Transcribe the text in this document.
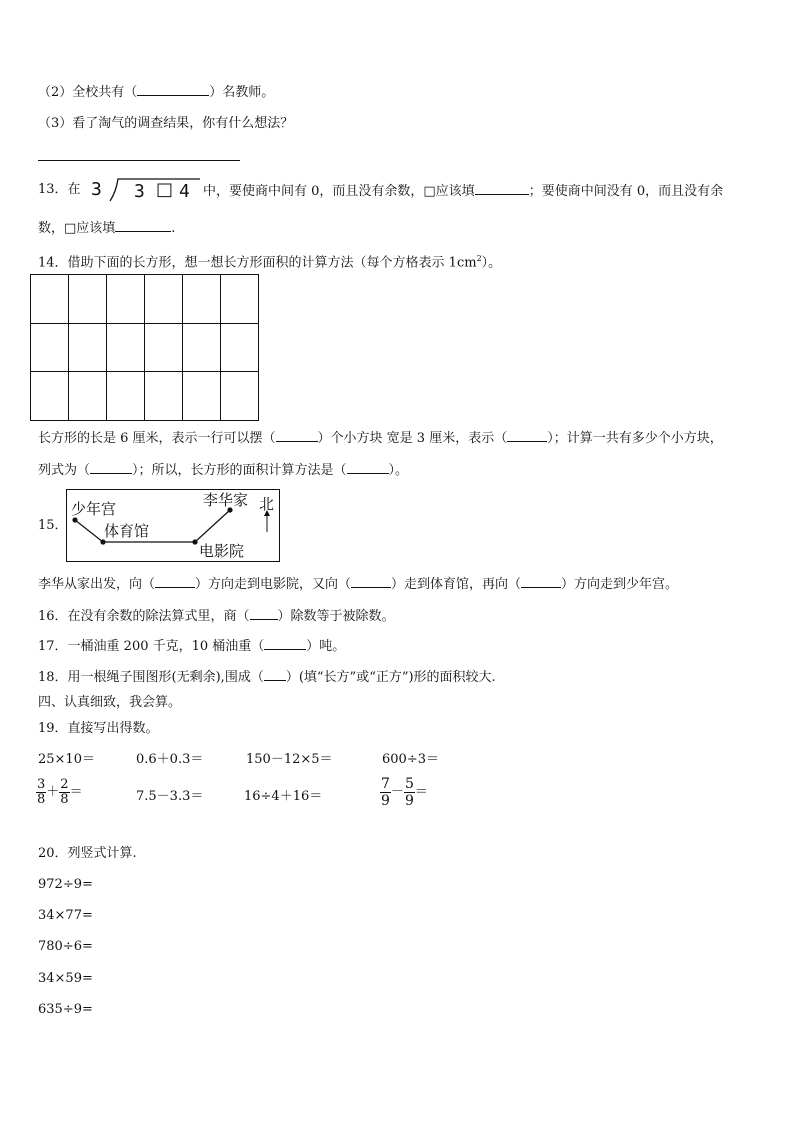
（2）全校共有（	）名教师。
（3）看了淘气的调查结果，你有什么想法？
13．在 3 3 □ 4 中，要使商中间有 0，而且没有余数，□应该填	；要使商中间没有 0，而且没有余
数，□应该填	.
14．借助下面的长方形，想一想长方形面积的计算方法（每个方格表示 $1cm^2$）。
长方形的长是 6 厘米，表示一行可以摆（	）个小方块 宽是 3 厘米，表示（	）；计算一共有多少个小方块，
列式为（	）；所以，长方形的面积计算方法是（	）。
15．
少年宫
体育馆
李华家
电影院
北
李华从家出发，向（	）方向走到电影院，又向（	）走到体育馆，再向（	）方向走到少年宫。
16．在没有余数的除法算式里，商（ ）除数等于被除数。
17．一桶油重 200 千克，10 桶油重（	）吨。
18．用一根绳子围图形(无剩余),围成（ ）(填“长方”或“正方”)形的面积较大.
四、认真细致，我会算。
19．直接写出得数。
25×10＝	0.6＋0.3＝	150－12×5＝	600÷3＝
$\frac{3}{8} + \frac{2}{8}$ ＝	7.5－3.3＝	16÷4＋16＝	$\frac{7}{9} - \frac{5}{9}$ ＝
20．列竖式计算.
972÷9=
34×77=
780÷6=
34×59=
635÷9=
